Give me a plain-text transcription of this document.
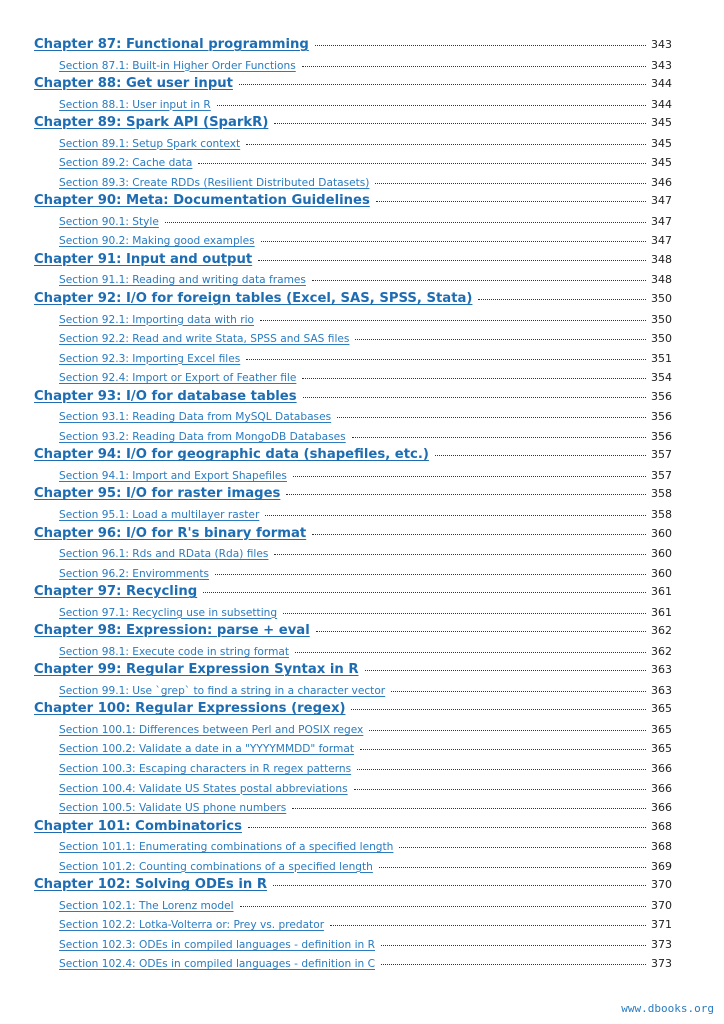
Chapter 87: Functional programming	343
Section 87.1: Built-in Higher Order Functions	343
Chapter 88: Get user input	344
Section 88.1: User input in R	344
Chapter 89: Spark API (SparkR)	345
Section 89.1: Setup Spark context	345
Section 89.2: Cache data	345
Section 89.3: Create RDDs (Resilient Distributed Datasets)	346
Chapter 90: Meta: Documentation Guidelines	347
Section 90.1: Style	347
Section 90.2: Making good examples	347
Chapter 91: Input and output	348
Section 91.1: Reading and writing data frames	348
Chapter 92: I/O for foreign tables (Excel, SAS, SPSS, Stata)	350
Section 92.1: Importing data with rio	350
Section 92.2: Read and write Stata, SPSS and SAS files	350
Section 92.3: Importing Excel files	351
Section 92.4: Import or Export of Feather file	354
Chapter 93: I/O for database tables	356
Section 93.1: Reading Data from MySQL Databases	356
Section 93.2: Reading Data from MongoDB Databases	356
Chapter 94: I/O for geographic data (shapefiles, etc.)	357
Section 94.1: Import and Export Shapefiles	357
Chapter 95: I/O for raster images	358
Section 95.1: Load a multilayer raster	358
Chapter 96: I/O for R's binary format	360
Section 96.1: Rds and RData (Rda) files	360
Section 96.2: Enviromments	360
Chapter 97: Recycling	361
Section 97.1: Recycling use in subsetting	361
Chapter 98: Expression: parse + eval	362
Section 98.1: Execute code in string format	362
Chapter 99: Regular Expression Syntax in R	363
Section 99.1: Use `grep` to find a string in a character vector	363
Chapter 100: Regular Expressions (regex)	365
Section 100.1: Differences between Perl and POSIX regex	365
Section 100.2: Validate a date in a "YYYYMMDD" format	365
Section 100.3: Escaping characters in R regex patterns	366
Section 100.4: Validate US States postal abbreviations	366
Section 100.5: Validate US phone numbers	366
Chapter 101: Combinatorics	368
Section 101.1: Enumerating combinations of a specified length	368
Section 101.2: Counting combinations of a specified length	369
Chapter 102: Solving ODEs in R	370
Section 102.1: The Lorenz model	370
Section 102.2: Lotka-Volterra or: Prey vs. predator	371
Section 102.3: ODEs in compiled languages - definition in R	373
Section 102.4: ODEs in compiled languages - definition in C	373
www.dbooks.org
